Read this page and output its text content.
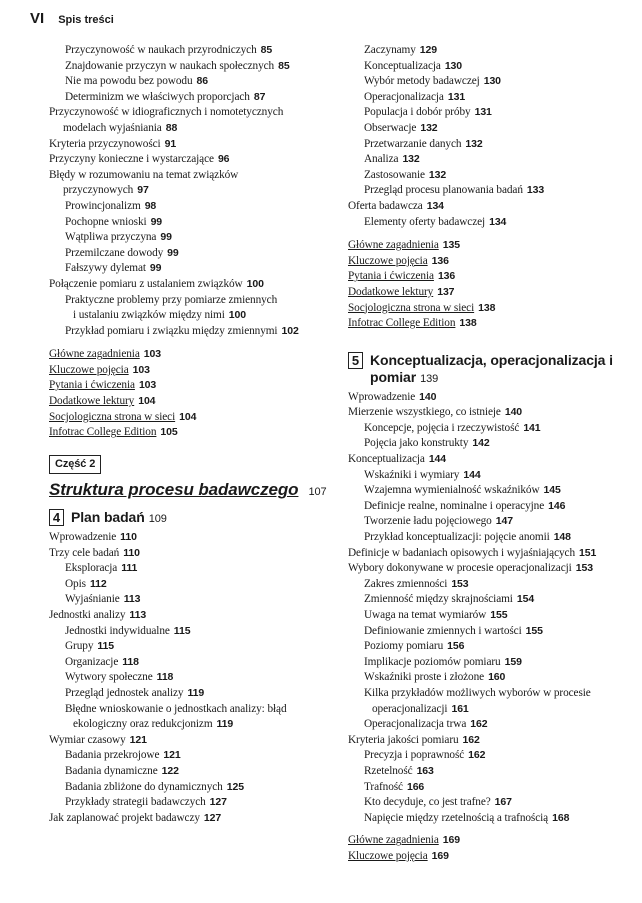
VI Spis treści
Przyczynowość w naukach przyrodniczych 85
Znajdowanie przyczyn w naukach społecznych 85
Nie ma powodu bez powodu 86
Determinizm we właściwych proporcjach 87
Przyczynowość w idiograficznych i nomotetycznych
modelach wyjaśniania 88
Kryteria przyczynowości 91
Przyczyny konieczne i wystarczające 96
Błędy w rozumowaniu na temat związków
przyczynowych 97
Prowincjonalizm 98
Pochopne wnioski 99
Wątpliwa przyczyna 99
Przemilczane dowody 99
Fałszywy dylemat 99
Połączenie pomiaru z ustalaniem związków 100
Praktyczne problemy przy pomiarze zmiennych
i ustalaniu związków między nimi 100
Przykład pomiaru i związku między zmiennymi 102
Główne zagadnienia 103
Kluczowe pojęcia 103
Pytania i ćwiczenia 103
Dodatkowe lektury 104
Socjologiczna strona w sieci 104
Infotrac College Edition 105
Część 2
Struktura procesu badawczego 107
4 Plan badań 109
Wprowadzenie 110
Trzy cele badań 110
Eksploracja 111
Opis 112
Wyjaśnianie 113
Jednostki analizy 113
Jednostki indywidualne 115
Grupy 115
Organizacje 118
Wytwory społeczne 118
Przegląd jednostek analizy 119
Błędne wnioskowanie o jednostkach analizy: błąd
ekologiczny oraz redukcjonizm 119
Wymiar czasowy 121
Badania przekrojowe 121
Badania dynamiczne 122
Badania zbliżone do dynamicznych 125
Przykłady strategii badawczych 127
Jak zaplanować projekt badawczy 127
Zaczynamy 129
Konceptualizacja 130
Wybór metody badawczej 130
Operacjonalizacja 131
Populacja i dobór próby 131
Obserwacje 132
Przetwarzanie danych 132
Analiza 132
Zastosowanie 132
Przegląd procesu planowania badań 133
Oferta badawcza 134
Elementy oferty badawczej 134
Główne zagadnienia 135
Kluczowe pojęcia 136
Pytania i ćwiczenia 136
Dodatkowe lektury 137
Socjologiczna strona w sieci 138
Infotrac College Edition 138
5 Konceptualizacja, operacjonalizacja i pomiar 139
Wprowadzenie 140
Mierzenie wszystkiego, co istnieje 140
Koncepcje, pojęcia i rzeczywistość 141
Pojęcia jako konstrukty 142
Konceptualizacja 144
Wskaźniki i wymiary 144
Wzajemna wymienialność wskaźników 145
Definicje realne, nominalne i operacyjne 146
Tworzenie ładu pojęciowego 147
Przykład konceptualizacji: pojęcie anomii 148
Definicje w badaniach opisowych i wyjaśniających 151
Wybory dokonywane w procesie operacjonalizacji 153
Zakres zmienności 153
Zmienność między skrajnościami 154
Uwaga na temat wymiarów 155
Definiowanie zmiennych i wartości 155
Poziomy pomiaru 156
Implikacje poziomów pomiaru 159
Wskaźniki proste i złożone 160
Kilka przykładów możliwych wyborów w procesie
operacjonalizacji 161
Operacjonalizacja trwa 162
Kryteria jakości pomiaru 162
Precyzja i poprawność 162
Rzetelność 163
Trafność 166
Kto decyduje, co jest trafne? 167
Napięcie między rzetelnością a trafnością 168
Główne zagadnienia 169
Kluczowe pojęcia 169
